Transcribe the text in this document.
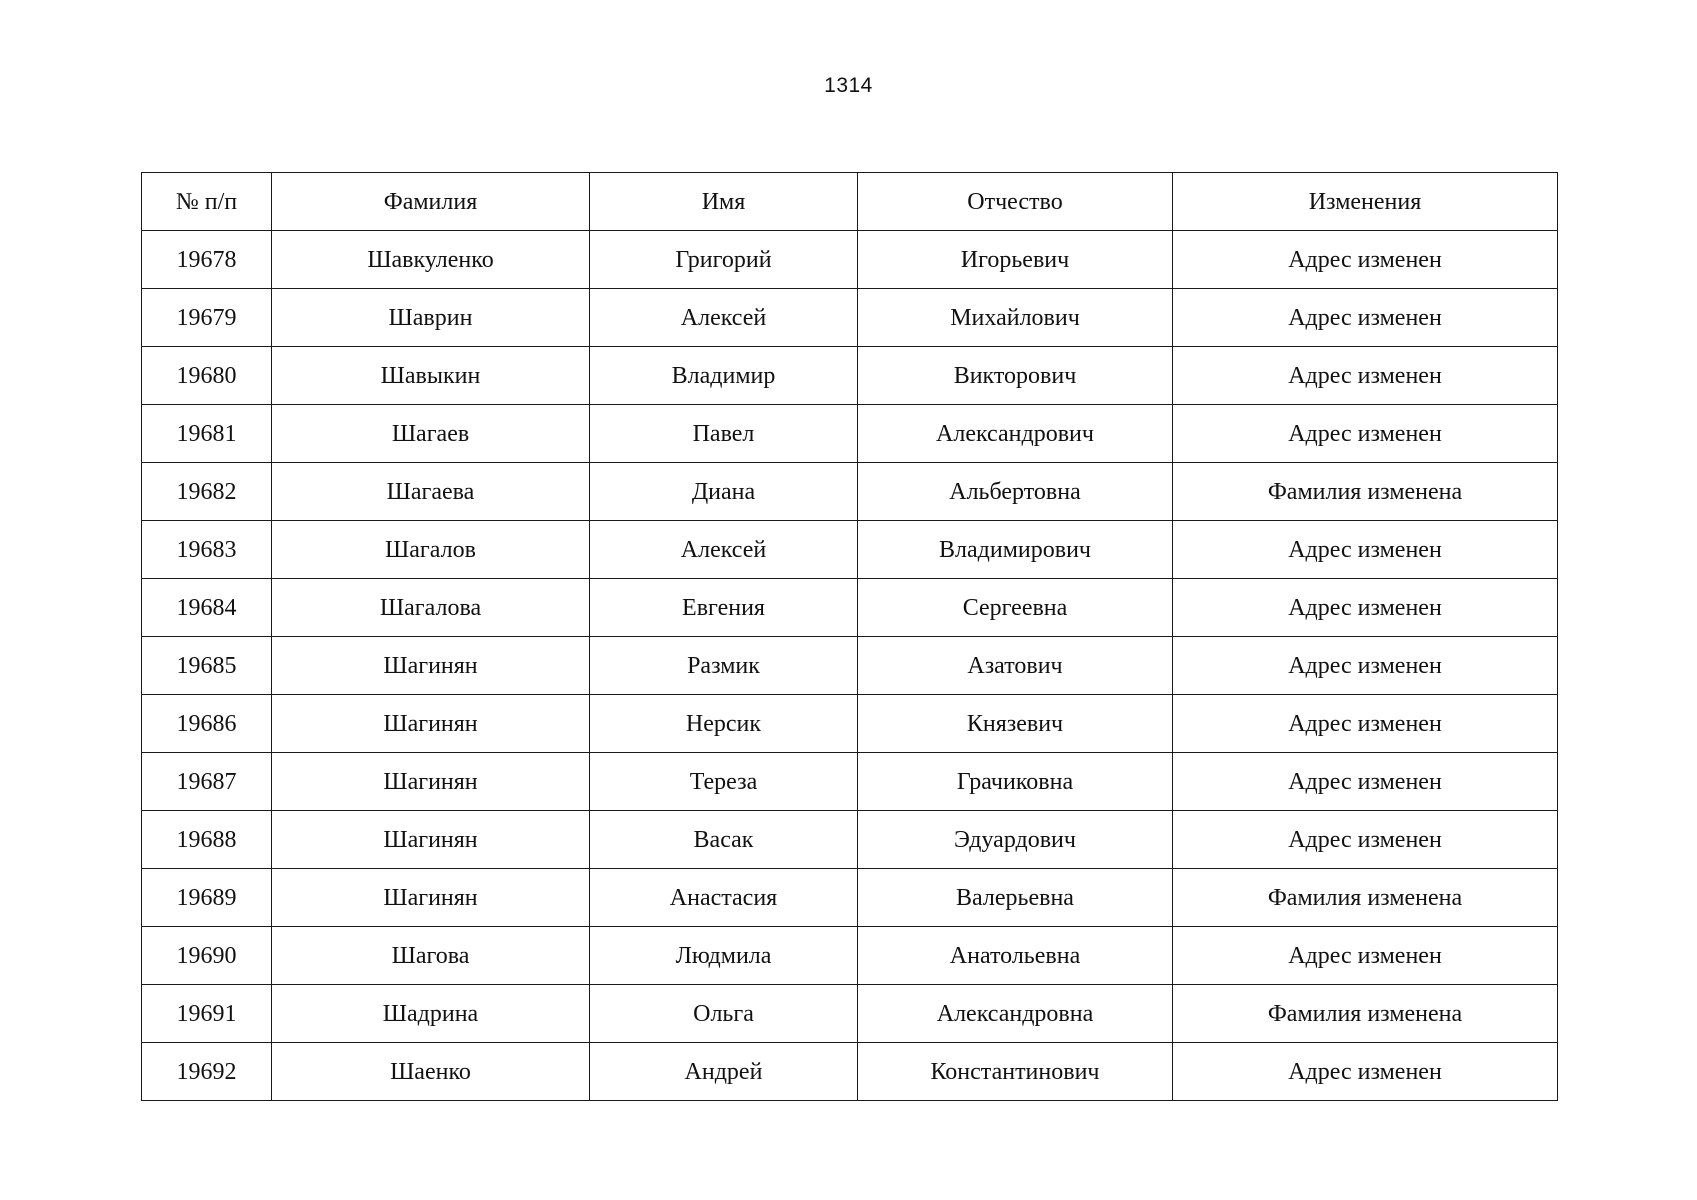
1314
№ п/п	Фамилия	Имя	Отчество	Изменения
19678	Шавкуленко	Григорий	Игорьевич	Адрес изменен
19679	Шаврин	Алексей	Михайлович	Адрес изменен
19680	Шавыкин	Владимир	Викторович	Адрес изменен
19681	Шагаев	Павел	Александрович	Адрес изменен
19682	Шагаева	Диана	Альбертовна	Фамилия изменена
19683	Шагалов	Алексей	Владимирович	Адрес изменен
19684	Шагалова	Евгения	Сергеевна	Адрес изменен
19685	Шагинян	Размик	Азатович	Адрес изменен
19686	Шагинян	Нерсик	Князевич	Адрес изменен
19687	Шагинян	Тереза	Грачиковна	Адрес изменен
19688	Шагинян	Васак	Эдуардович	Адрес изменен
19689	Шагинян	Анастасия	Валерьевна	Фамилия изменена
19690	Шагова	Людмила	Анатольевна	Адрес изменен
19691	Шадрина	Ольга	Александровна	Фамилия изменена
19692	Шаенко	Андрей	Константинович	Адрес изменен
